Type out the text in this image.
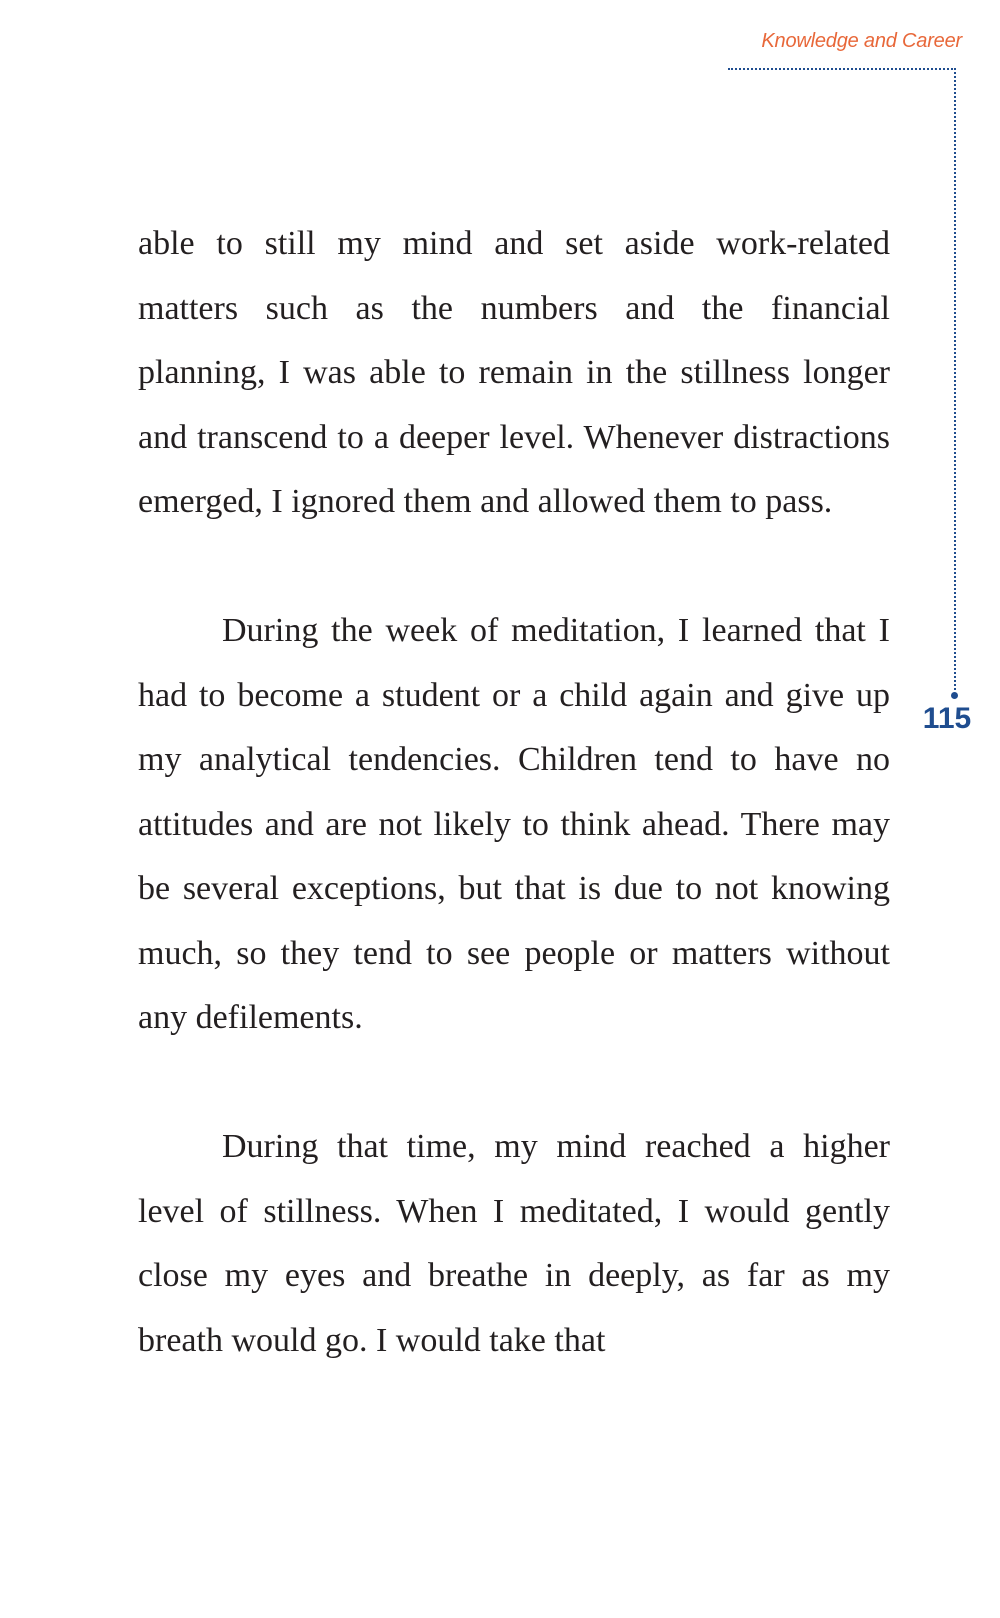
Knowledge and Career
115

able to still my mind and set aside work-related matters such as the numbers and the financial planning, I was able to remain in the stillness longer and transcend to a deeper level. Whenever distractions emerged, I ignored them and allowed them to pass.

During the week of meditation, I learned that I had to become a student or a child again and give up my analytical tendencies. Children tend to have no attitudes and are not likely to think ahead. There may be several exceptions, but that is due to not knowing much, so they tend to see people or matters without any defilements.

During that time, my mind reached a higher level of stillness. When I meditated, I would gently close my eyes and breathe in deeply, as far as my breath would go. I would take that
